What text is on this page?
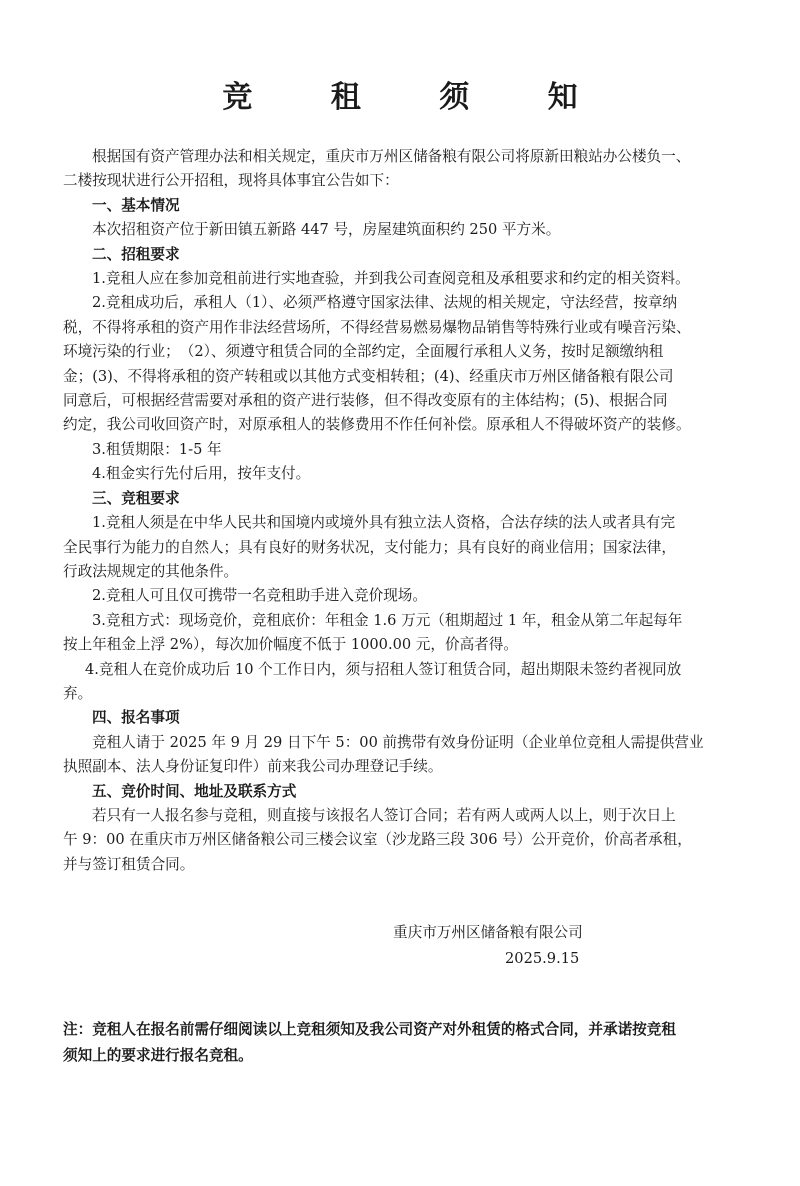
竞 租 须 知

根据国有资产管理办法和相关规定，重庆市万州区储备粮有限公司将原新田粮站办公楼负一、

二楼按现状进行公开招租，现将具体事宜公告如下：

一、基本情况

本次招租资产位于新田镇五新路 447 号，房屋建筑面积约 250 平方米。

二、招租要求

1.竞租人应在参加竞租前进行实地查验，并到我公司查阅竞租及承租要求和约定的相关资料。

2.竞租成功后，承租人（1）、必须严格遵守国家法律、法规的相关规定，守法经营，按章纳

税，不得将承租的资产用作非法经营场所，不得经营易燃易爆物品销售等特殊行业或有噪音污染、

环境污染的行业；　（2）、须遵守租赁合同的全部约定，全面履行承租人义务，按时足额缴纳租

金；(3)、不得将承租的资产转租或以其他方式变相转租；(4)、经重庆市万州区储备粮有限公司

同意后，可根据经营需要对承租的资产进行装修，但不得改变原有的主体结构；(5)、根据合同

约定，我公司收回资产时，对原承租人的装修费用不作任何补偿。原承租人不得破坏资产的装修。

3.租赁期限：1-5 年

4.租金实行先付后用，按年支付。

三、竞租要求

1.竞租人须是在中华人民共和国境内或境外具有独立法人资格，合法存续的法人或者具有完

全民事行为能力的自然人；具有良好的财务状况，支付能力；具有良好的商业信用；国家法律，

行政法规规定的其他条件。

2.竞租人可且仅可携带一名竞租助手进入竞价现场。

3.竞租方式：现场竞价，竞租底价：年租金 1.6 万元（租期超过 1 年，租金从第二年起每年

按上年租金上浮 2%），每次加价幅度不低于 1000.00 元，价高者得。

4.竞租人在竞价成功后 10 个工作日内，须与招租人签订租赁合同，超出期限未签约者视同放

弃。

四、报名事项

竞租人请于 2025 年 9 月 29 日下午 5：00 前携带有效身份证明（企业单位竞租人需提供营业

执照副本、法人身份证复印件）前来我公司办理登记手续。

五、竞价时间、地址及联系方式

若只有一人报名参与竞租，则直接与该报名人签订合同；若有两人或两人以上，则于次日上

午 9：00 在重庆市万州区储备粮公司三楼会议室（沙龙路三段 306 号）公开竞价，价高者承租，

并与签订租赁合同。

重庆市万州区储备粮有限公司
2025.9.15

注：竞租人在报名前需仔细阅读以上竞租须知及我公司资产对外租赁的格式合同，并承诺按竞租

须知上的要求进行报名竞租。
